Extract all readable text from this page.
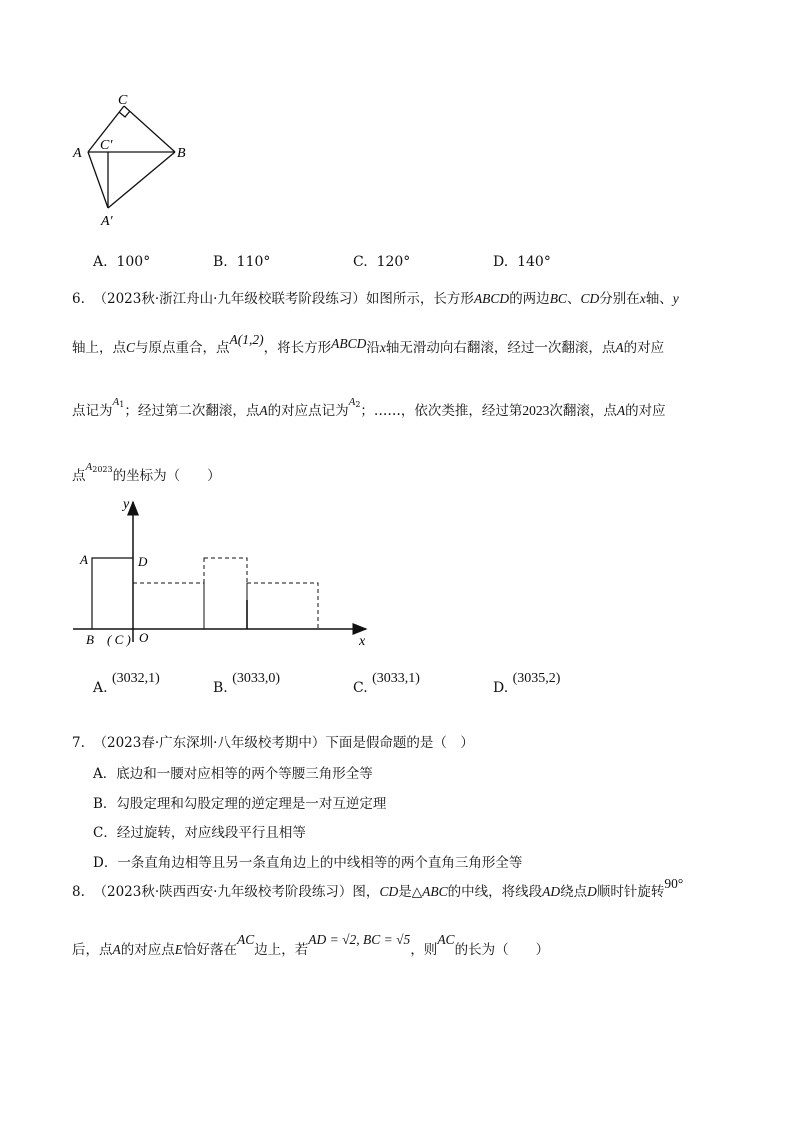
C
C′
A	B
A′
A. 100°	B. 110°	C. 120°	D. 140°
6. （2023秋·浙江舟山·九年级校联考阶段练习）如图所示，长方形ABCD的两边BC、CD分别在x轴、y
轴上，点C与原点重合，点A(1,2)，将长方形ABCD沿x轴无滑动向右翻滚，经过一次翻滚，点A的对应
点记为$^{A1}$；经过第二次翻滚，点A的对应点记为$^{A2}$；……，依次类推，经过第2023次翻滚，点A的对应
点$^{A2023}$的坐标为（　　）
y
A	D
B ( C ) O	x
A. (3032,1)
B. (3033,0)
C. (3033,1)
D. (3035,2)
7. （2023春·广东深圳·八年级校考期中）下面是假命题的是（　）
A．底边和一腰对应相等的两个等腰三角形全等
B．勾股定理和勾股定理的逆定理是一对互逆定理
C．经过旋转，对应线段平行且相等
D．一条直角边相等且另一条直角边上的中线相等的两个直角三角形全等
8. （2023秋·陕西西安·九年级校考阶段练习）图，CD是△ABC的中线，将线段AD绕点D顺时针旋转90°
后，点A的对应点E恰好落在AC边上，若AD = √2, BC = √5，则AC的长为（　　）
